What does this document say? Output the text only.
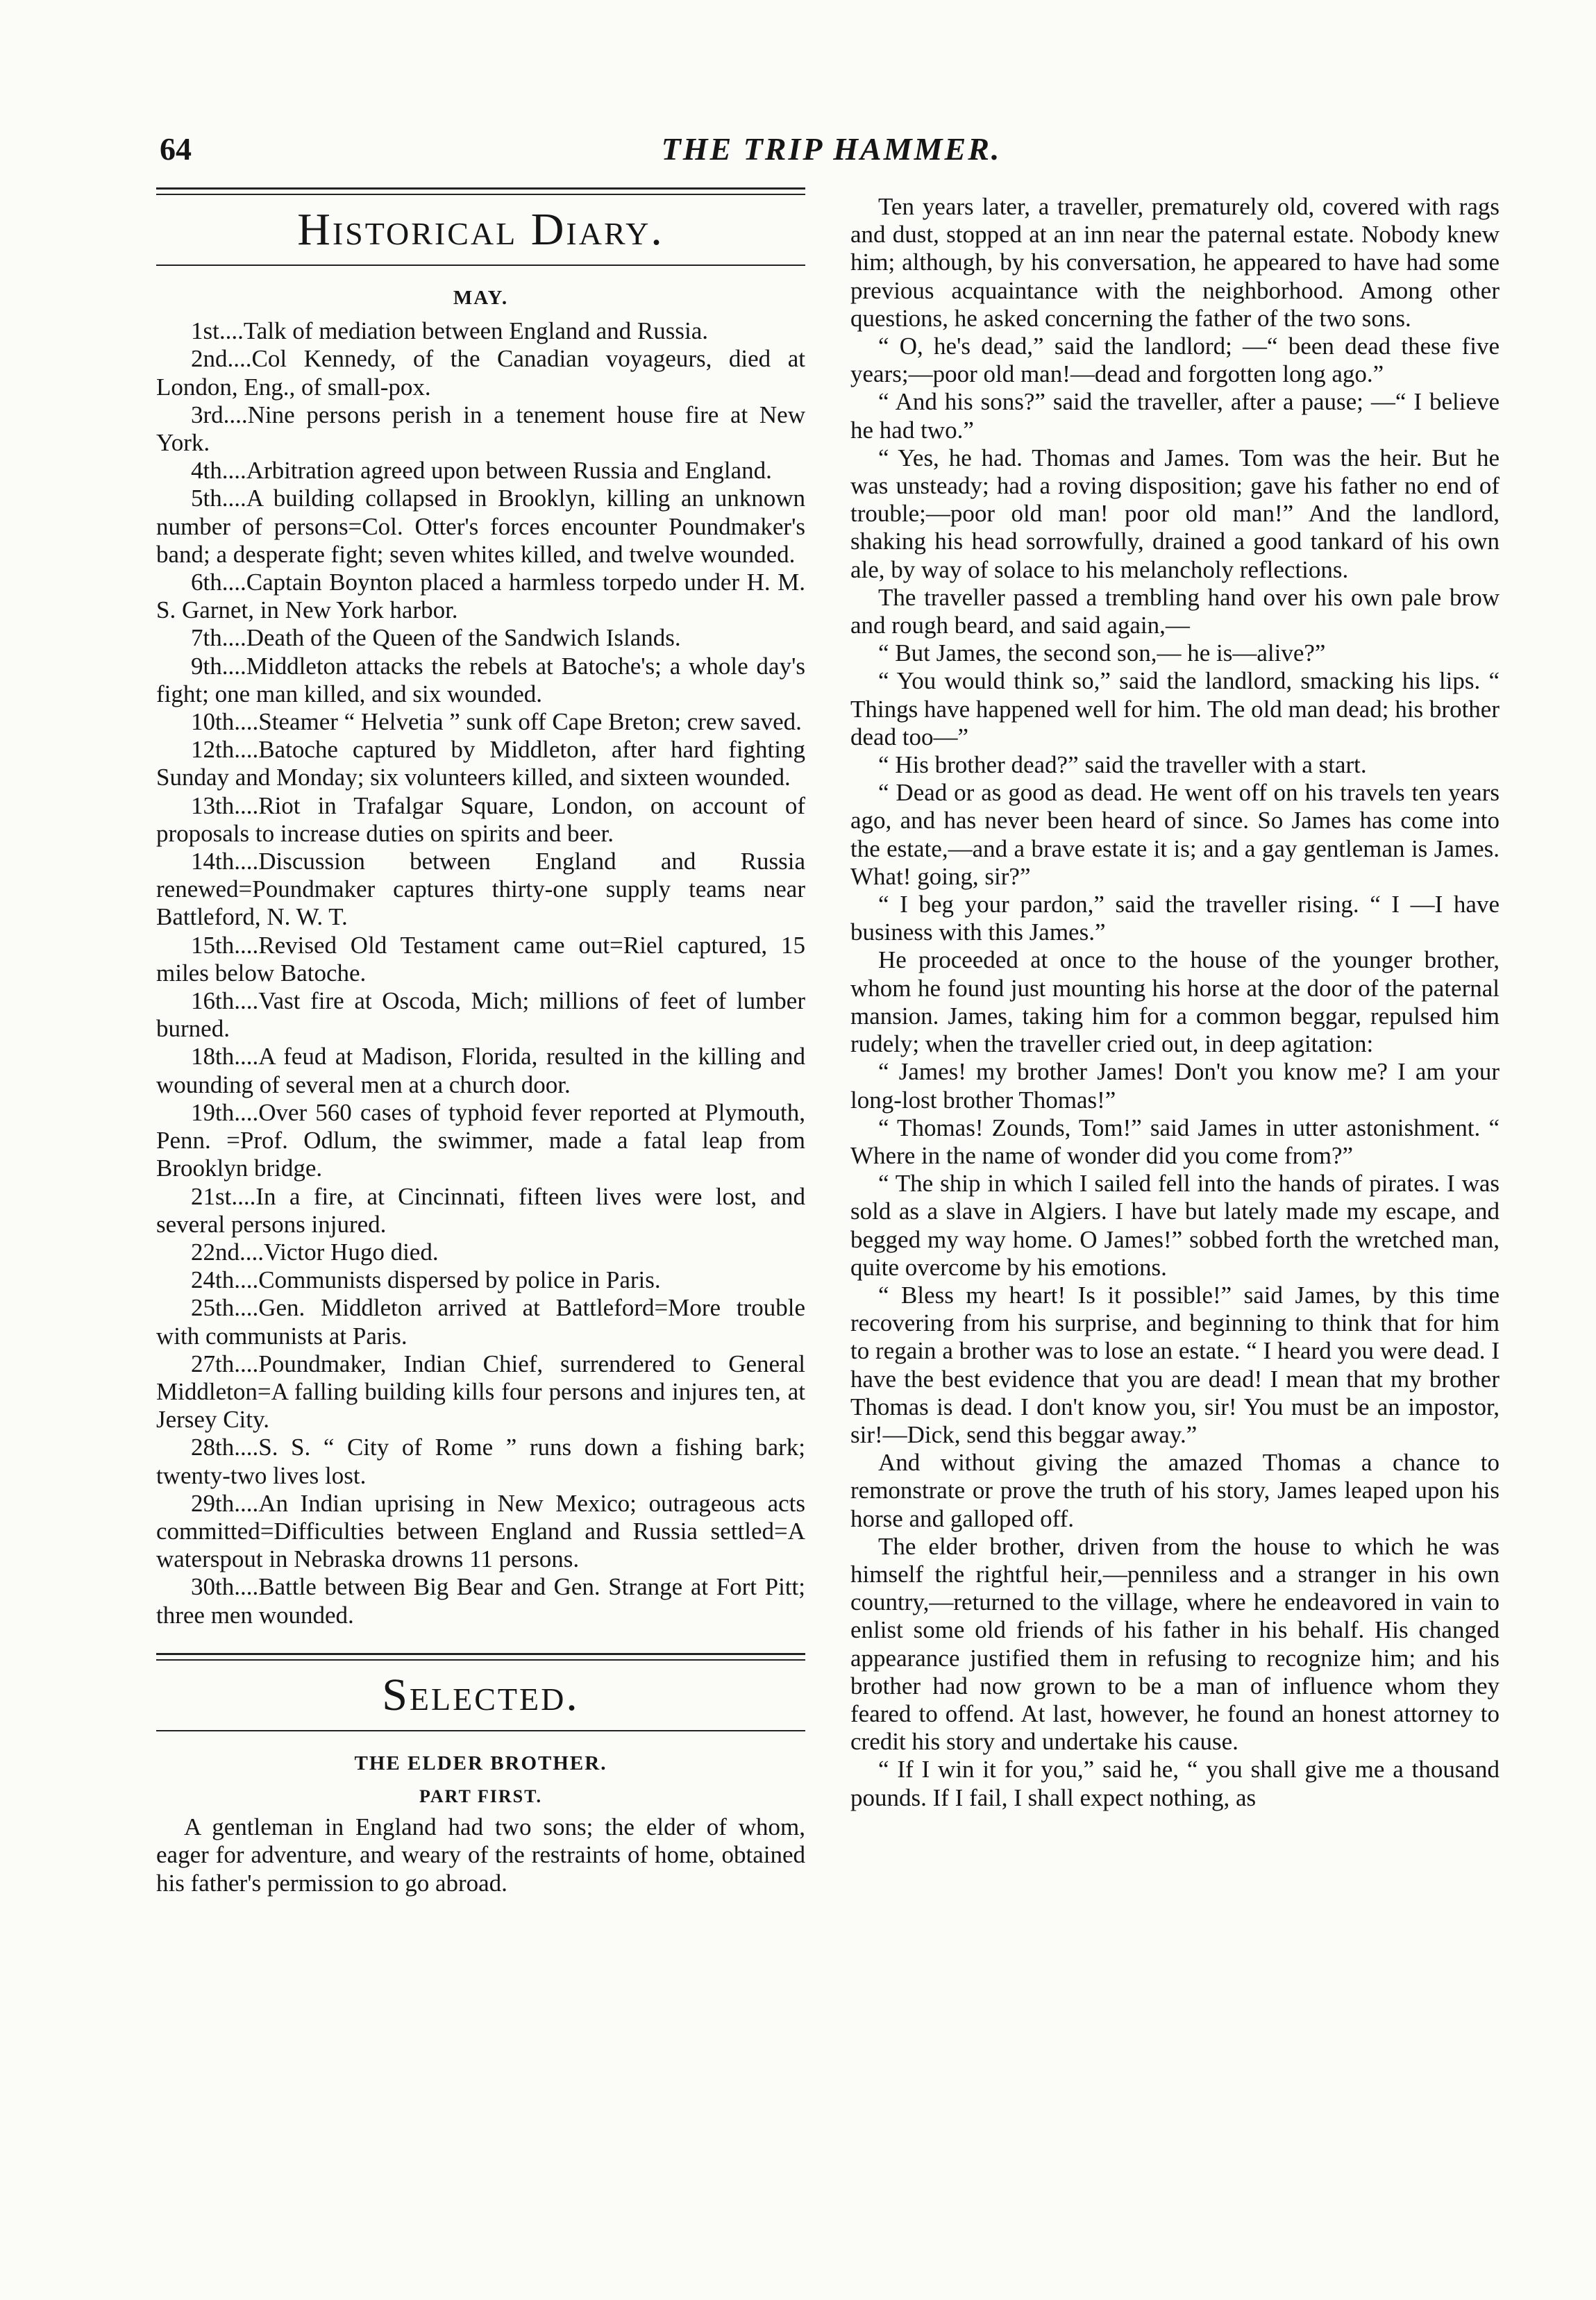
64	THE TRIP HAMMER.
Historical Diary.
MAY.

1st....Talk of mediation between England and Russia.

2nd....Col Kennedy, of the Canadian voyageurs, died at London, Eng., of small-pox.

3rd....Nine persons perish in a tenement house fire at New York.

4th....Arbitration agreed upon between Russia and England.

5th....A building collapsed in Brooklyn, killing an unknown number of persons=Col. Otter's forces encounter Poundmaker's band; a desperate fight; seven whites killed, and twelve wounded.

6th....Captain Boynton placed a harmless torpedo under H. M. S. Garnet, in New York harbor.

7th....Death of the Queen of the Sandwich Islands.

9th....Middleton attacks the rebels at Batoche's; a whole day's fight; one man killed, and six wounded.

10th....Steamer “ Helvetia ” sunk off Cape Breton; crew saved.

12th....Batoche captured by Middleton, after hard fighting Sunday and Monday; six volunteers killed, and sixteen wounded.

13th....Riot in Trafalgar Square, London, on account of proposals to increase duties on spirits and beer.

14th....Discussion between England and Russia renewed=Poundmaker captures thirty-one supply teams near Battleford, N. W. T.

15th....Revised Old Testament came out=Riel captured, 15 miles below Batoche.

16th....Vast fire at Oscoda, Mich; millions of feet of lumber burned.

18th....A feud at Madison, Florida, resulted in the killing and wounding of several men at a church door.

19th....Over 560 cases of typhoid fever reported at Plymouth, Penn. =Prof. Odlum, the swimmer, made a fatal leap from Brooklyn bridge.

21st....In a fire, at Cincinnati, fifteen lives were lost, and several persons injured.

22nd....Victor Hugo died.

24th....Communists dispersed by police in Paris.

25th....Gen. Middleton arrived at Battleford=More trouble with communists at Paris.

27th....Poundmaker, Indian Chief, surrendered to General Middleton=A falling building kills four persons and injures ten, at Jersey City.

28th....S. S. “ City of Rome ” runs down a fishing bark; twenty-two lives lost.

29th....An Indian uprising in New Mexico; outrageous acts committed=Difficulties between England and Russia settled=A waterspout in Nebraska drowns 11 persons.

30th....Battle between Big Bear and Gen. Strange at Fort Pitt; three men wounded.

Selected.
THE ELDER BROTHER.
PART FIRST.

A gentleman in England had two sons; the elder of whom, eager for adventure, and weary of the restraints of home, obtained his father's permission to go abroad.

Ten years later, a traveller, prematurely old, covered with rags and dust, stopped at an inn near the paternal estate. Nobody knew him; although, by his conversation, he appeared to have had some previous acquaintance with the neighborhood. Among other questions, he asked concerning the father of the two sons.

“ O, he's dead,” said the landlord; —“ been dead these five years;—poor old man!—dead and forgotten long ago.”

“ And his sons?” said the traveller, after a pause; —“ I believe he had two.”

“ Yes, he had. Thomas and James. Tom was the heir. But he was unsteady; had a roving disposition; gave his father no end of trouble;—poor old man! poor old man!” And the landlord, shaking his head sorrowfully, drained a good tankard of his own ale, by way of solace to his melancholy reflections.

The traveller passed a trembling hand over his own pale brow and rough beard, and said again,—

“ But James, the second son,— he is—alive?”

“ You would think so,” said the landlord, smacking his lips. “ Things have happened well for him. The old man dead; his brother dead too—”

“ His brother dead?” said the traveller with a start.

“ Dead or as good as dead. He went off on his travels ten years ago, and has never been heard of since. So James has come into the estate,—and a brave estate it is; and a gay gentleman is James. What! going, sir?”

“ I beg your pardon,” said the traveller rising. “ I —I have business with this James.”

He proceeded at once to the house of the younger brother, whom he found just mounting his horse at the door of the paternal mansion. James, taking him for a common beggar, repulsed him rudely; when the traveller cried out, in deep agitation:

“ James! my brother James! Don't you know me? I am your long-lost brother Thomas!”

“ Thomas! Zounds, Tom!” said James in utter astonishment. “ Where in the name of wonder did you come from?”

“ The ship in which I sailed fell into the hands of pirates. I was sold as a slave in Algiers. I have but lately made my escape, and begged my way home. O James!” sobbed forth the wretched man, quite overcome by his emotions.

“ Bless my heart! Is it possible!” said James, by this time recovering from his surprise, and beginning to think that for him to regain a brother was to lose an estate. “ I heard you were dead. I have the best evidence that you are dead! I mean that my brother Thomas is dead. I don't know you, sir! You must be an impostor, sir!—Dick, send this beggar away.”

And without giving the amazed Thomas a chance to remonstrate or prove the truth of his story, James leaped upon his horse and galloped off.

The elder brother, driven from the house to which he was himself the rightful heir,—penniless and a stranger in his own country,—returned to the village, where he endeavored in vain to enlist some old friends of his father in his behalf. His changed appearance justified them in refusing to recognize him; and his brother had now grown to be a man of influence whom they feared to offend. At last, however, he found an honest attorney to credit his story and undertake his cause.

“ If I win it for you,” said he, “ you shall give me a thousand pounds. If I fail, I shall expect nothing, as
